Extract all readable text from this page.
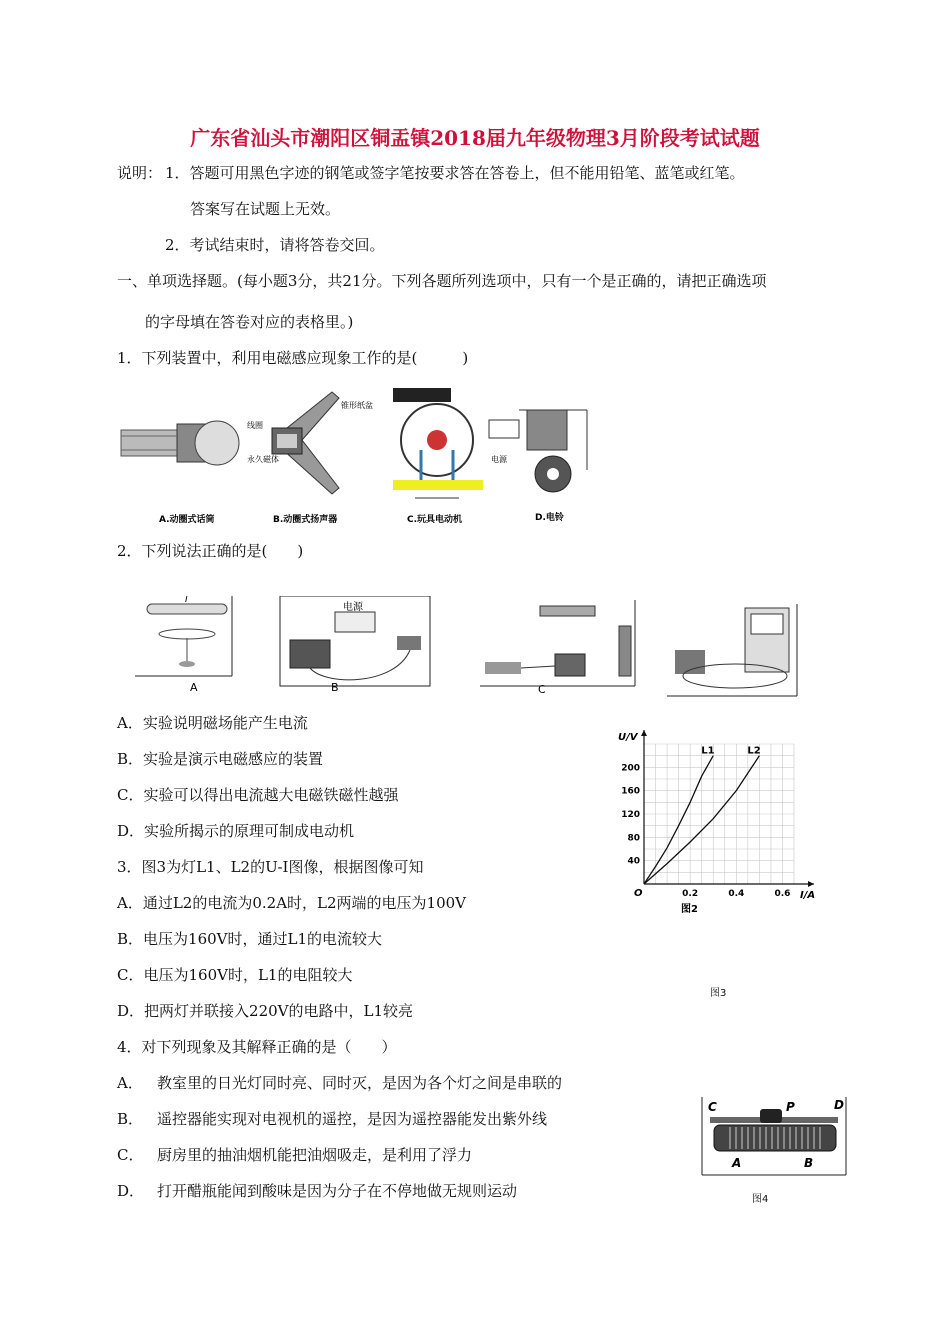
广东省汕头市潮阳区铜盂镇2018届九年级物理3月阶段考试试题
说明： 1．答题可用黑色字迹的钢笔或签字笔按要求答在答卷上，但不能用铅笔、蓝笔或红笔。
答案写在试题上无效。
2．考试结束时，请将答卷交回。
一、单项选择题。(每小题3分，共21分。下列各题所列选项中，只有一个是正确的，请把正确选项
的字母填在答卷对应的表格里。)
1．下列装置中，利用电磁感应现象工作的是(　　　)
线圈
锥形纸盆
永久磁体	电源
A.动圈式话筒	B.动圈式扬声器	C.玩具电动机	D.电铃
2．下列说法正确的是(　　)
I
A
电源
B	C
A．实验说明磁场能产生电流
B．实验是演示电磁感应的装置
C．实验可以得出电流越大电磁铁磁性越强
D．实验所揭示的原理可制成电动机
3．图3为灯L1、L2的U-I图像，根据图像可知
A．通过L2的电流为0.2A时，L2两端的电压为100V
B．电压为160V时，通过L1的电流较大
C．电压为160V时，L1的电阻较大
D．把两灯并联接入220V的电路中，L1较亮
U/V
I/A
O
40
80
120
160
200
0.2	0.4	0.6
L1	L2
图2
图3
4．对下列现象及其解释正确的是（　　）
A． 教室里的日光灯同时亮、同时灭，是因为各个灯之间是串联的
B． 遥控器能实现对电视机的遥控，是因为遥控器能发出紫外线
C． 厨房里的抽油烟机能把油烟吸走，是利用了浮力
D． 打开醋瓶能闻到酸味是因为分子在不停地做无规则运动
C	P	D
A	B
图4
